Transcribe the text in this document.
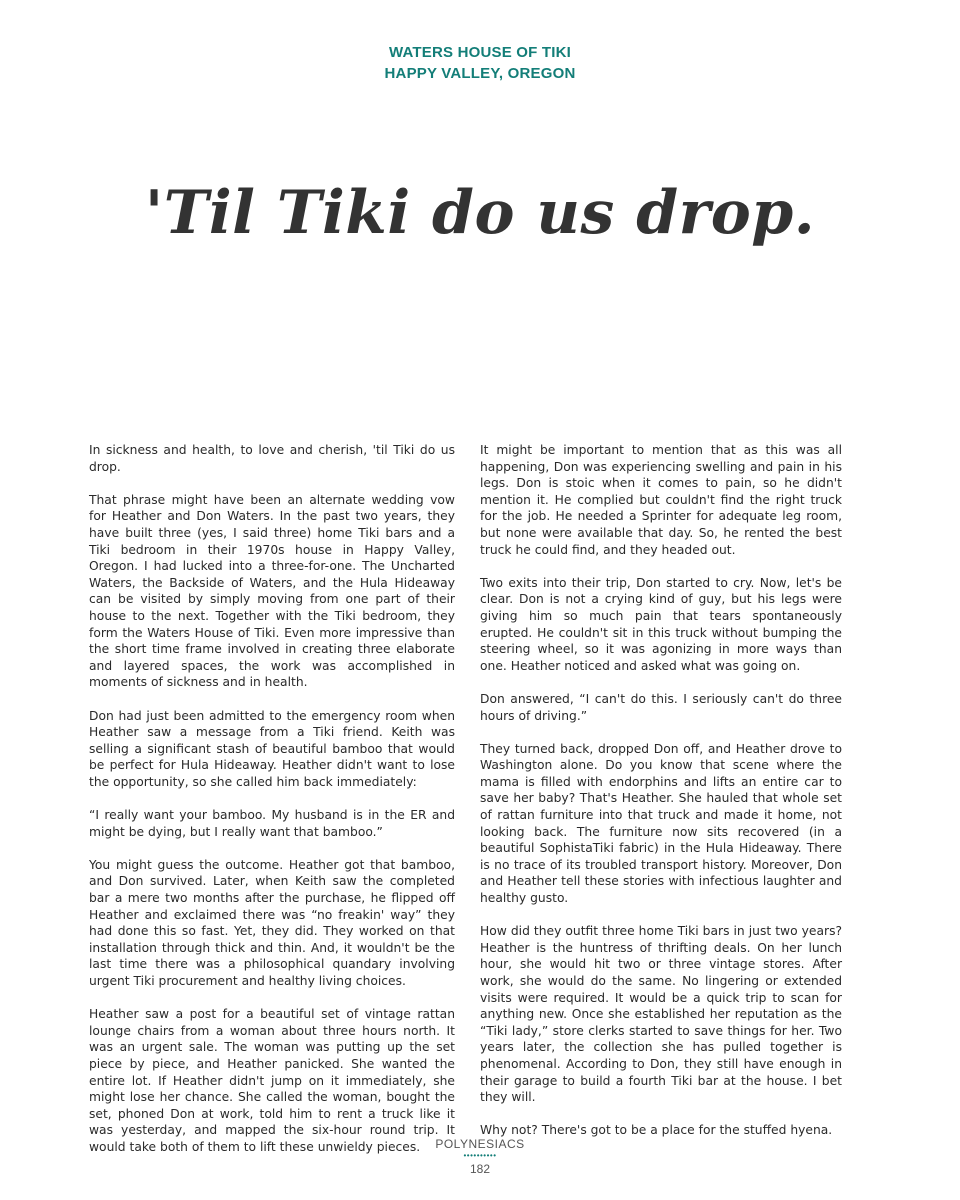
WATERS HOUSE OF TIKI
HAPPY VALLEY, OREGON
'Til Tiki do us drop.

In sickness and health, to love and cherish, 'til Tiki do us drop.

That phrase might have been an alternate wedding vow for Heather and Don Waters. In the past two years, they have built three (yes, I said three) home Tiki bars and a Tiki bedroom in their 1970s house in Happy Valley, Oregon. I had lucked into a three-for-one. The Uncharted Waters, the Backside of Waters, and the Hula Hideaway can be visited by simply moving from one part of their house to the next. Together with the Tiki bedroom, they form the Waters House of Tiki. Even more impressive than the short time frame involved in creating three elaborate and layered spaces, the work was accomplished in moments of sickness and in health.

Don had just been admitted to the emergency room when Heather saw a message from a Tiki friend. Keith was selling a significant stash of beautiful bamboo that would be perfect for Hula Hideaway. Heather didn't want to lose the opportunity, so she called him back immediately:

“I really want your bamboo. My husband is in the ER and might be dying, but I really want that bamboo.”

You might guess the outcome. Heather got that bamboo, and Don survived. Later, when Keith saw the completed bar a mere two months after the purchase, he flipped off Heather and exclaimed there was “no freakin' way” they had done this so fast. Yet, they did. They worked on that installation through thick and thin. And, it wouldn't be the last time there was a philosophical quandary involving urgent Tiki procurement and healthy living choices.

Heather saw a post for a beautiful set of vintage rattan lounge chairs from a woman about three hours north. It was an urgent sale. The woman was putting up the set piece by piece, and Heather panicked. She wanted the entire lot. If Heather didn't jump on it immediately, she might lose her chance. She called the woman, bought the set, phoned Don at work, told him to rent a truck like it was yesterday, and mapped the six-hour round trip. It would take both of them to lift these unwieldy pieces.

It might be important to mention that as this was all happening, Don was experiencing swelling and pain in his legs. Don is stoic when it comes to pain, so he didn't mention it. He complied but couldn't find the right truck for the job. He needed a Sprinter for adequate leg room, but none were available that day. So, he rented the best truck he could find, and they headed out.

Two exits into their trip, Don started to cry. Now, let's be clear. Don is not a crying kind of guy, but his legs were giving him so much pain that tears spontaneously erupted. He couldn't sit in this truck without bumping the steering wheel, so it was agonizing in more ways than one. Heather noticed and asked what was going on.

Don answered, “I can't do this. I seriously can't do three hours of driving.”

They turned back, dropped Don off, and Heather drove to Washington alone. Do you know that scene where the mama is filled with endorphins and lifts an entire car to save her baby? That's Heather. She hauled that whole set of rattan furniture into that truck and made it home, not looking back. The furniture now sits recovered (in a beautiful SophistaTiki fabric) in the Hula Hideaway. There is no trace of its troubled transport history. Moreover, Don and Heather tell these stories with infectious laughter and healthy gusto.

How did they outfit three home Tiki bars in just two years? Heather is the huntress of thrifting deals. On her lunch hour, she would hit two or three vintage stores. After work, she would do the same. No lingering or extended visits were required. It would be a quick trip to scan for anything new. Once she established her reputation as the “Tiki lady,” store clerks started to save things for her. Two years later, the collection she has pulled together is phenomenal. According to Don, they still have enough in their garage to build a fourth Tiki bar at the house. I bet they will.

Why not? There's got to be a place for the stuffed hyena.

POLYNESIACS
••••••••••
182
